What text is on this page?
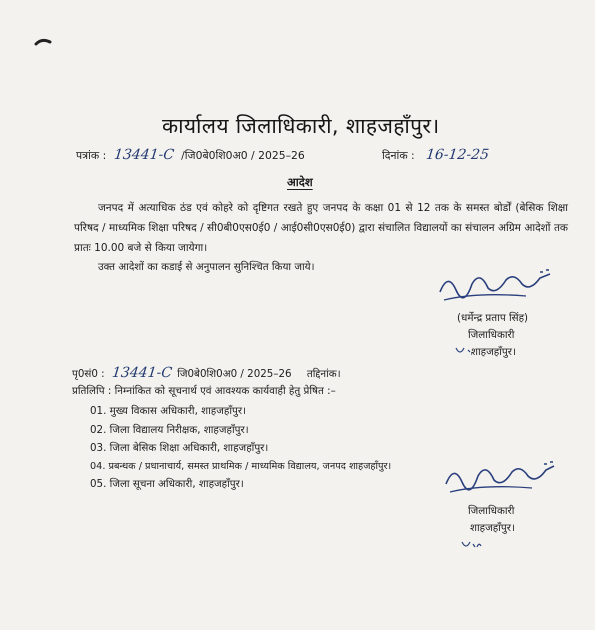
कार्यालय जिलाधिकारी, शाहजहाँपुर।
पत्रांक : 13441-C /जि0बे0शि0अ0 / 2025–26	दिनांक : 16-12-25
आदेश
जनपद में अत्याधिक ठंड एवं कोहरे को दृष्टिगत रखते हुए जनपद के कक्षा 01 से 12 तक के समस्त बोर्डों (बेसिक शिक्षा परिषद / माध्यमिक शिक्षा परिषद / सी0बी0एस0ई0 / आई0सी0एस0ई0) द्वारा संचालित विद्यालयों का संचालन अग्रिम आदेशों तक प्रातः 10.00 बजे से किया जायेगा।
उक्त आदेशों का कडाई से अनुपालन सुनिश्चित किया जाये।
(धर्मेन्द्र प्रताप सिंह)
जिलाधिकारी
शाहजहाँपुर।
पृ0सं0 : 13441-C जि0बे0शि0अ0 / 2025–26 तद्दिनांक।
प्रतिलिपि : निम्नांकित को सूचनार्थ एवं आवश्यक कार्यवाही हेतु प्रेषित :–
01. मुख्य विकास अधिकारी, शाहजहाँपुर।
02. जिला विद्यालय निरीक्षक, शाहजहाँपुर।
03. जिला बेसिक शिक्षा अधिकारी, शाहजहाँपुर।
04. प्रबन्धक / प्रधानाचार्य, समस्त प्राथमिक / माध्यमिक विद्यालय, जनपद शाहजहाँपुर।
05. जिला सूचना अधिकारी, शाहजहाँपुर।
जिलाधिकारी
शाहजहाँपुर।
